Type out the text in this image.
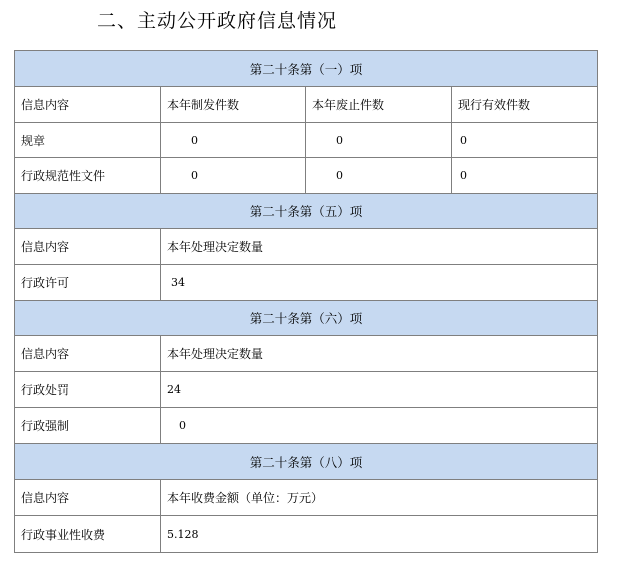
二、主动公开政府信息情况
第二十条第（一）项			
信息内容	本年制发件数	本年废止件数	现行有效件数
规章	0	0	0
行政规范性文件	0	0	0
第二十条第（五）项			
信息内容	本年处理决定数量		
行政许可	34		
第二十条第（六）项			
信息内容	本年处理决定数量		
行政处罚	24		
行政强制	0		
第二十条第（八）项			
信息内容	本年收费金额（单位：万元）		
行政事业性收费	5.128		
